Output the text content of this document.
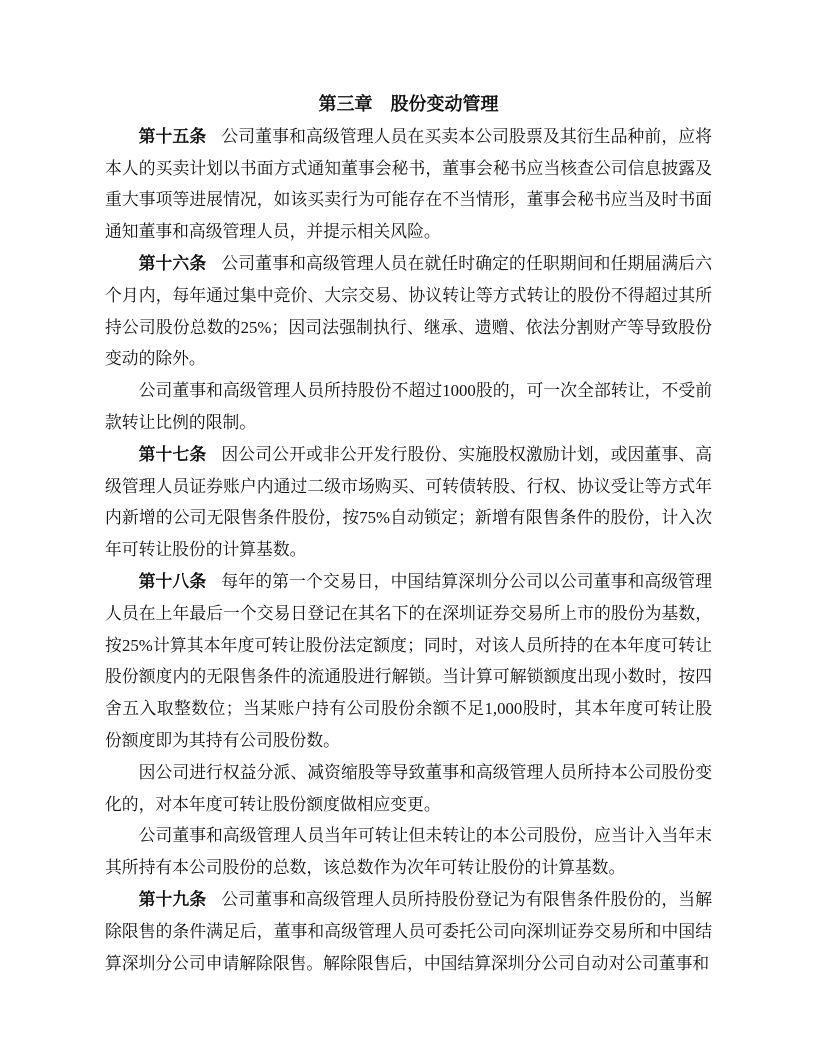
第三章　股份变动管理

第十五条 公司董事和高级管理人员在买卖本公司股票及其衍生品种前，应将本人的买卖计划以书面方式通知董事会秘书，董事会秘书应当核查公司信息披露及重大事项等进展情况，如该买卖行为可能存在不当情形，董事会秘书应当及时书面通知董事和高级管理人员，并提示相关风险。

第十六条 公司董事和高级管理人员在就任时确定的任职期间和任期届满后六个月内，每年通过集中竞价、大宗交易、协议转让等方式转让的股份不得超过其所持公司股份总数的25%；因司法强制执行、继承、遗赠、依法分割财产等导致股份变动的除外。

公司董事和高级管理人员所持股份不超过1000股的，可一次全部转让，不受前款转让比例的限制。

第十七条 因公司公开或非公开发行股份、实施股权激励计划，或因董事、高级管理人员证券账户内通过二级市场购买、可转债转股、行权、协议受让等方式年内新增的公司无限售条件股份，按75%自动锁定；新增有限售条件的股份，计入次年可转让股份的计算基数。

第十八条 每年的第一个交易日，中国结算深圳分公司以公司董事和高级管理人员在上年最后一个交易日登记在其名下的在深圳证券交易所上市的股份为基数，按25%计算其本年度可转让股份法定额度；同时，对该人员所持的在本年度可转让股份额度内的无限售条件的流通股进行解锁。当计算可解锁额度出现小数时，按四舍五入取整数位；当某账户持有公司股份余额不足1,000股时，其本年度可转让股份额度即为其持有公司股份数。

因公司进行权益分派、减资缩股等导致董事和高级管理人员所持本公司股份变化的，对本年度可转让股份额度做相应变更。

公司董事和高级管理人员当年可转让但未转让的本公司股份，应当计入当年末其所持有本公司股份的总数，该总数作为次年可转让股份的计算基数。

第十九条 公司董事和高级管理人员所持股份登记为有限售条件股份的，当解除限售的条件满足后，董事和高级管理人员可委托公司向深圳证券交易所和中国结算深圳分公司申请解除限售。解除限售后，中国结算深圳分公司自动对公司董事和
